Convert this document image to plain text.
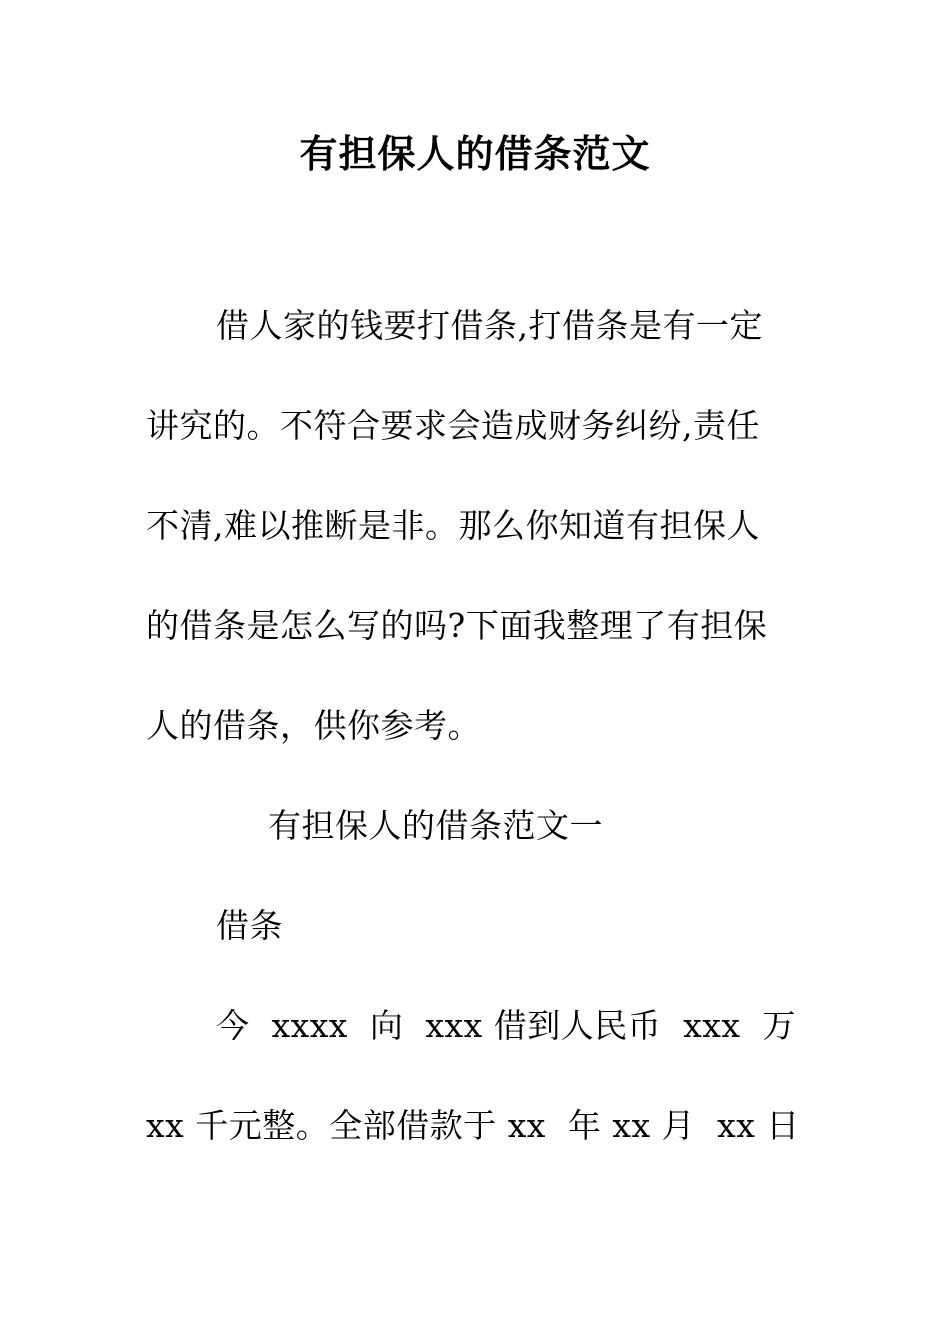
有担保人的借条范文
借人家的钱要打借条,打借条是有一定
讲究的。不符合要求会造成财务纠纷,责任
不清,难以推断是非。那么你知道有担保人
的借条是怎么写的吗?下面我整理了有担保
人的借条，供你参考。
有担保人的借条范文一
借条
今  xxxx  向  xxx 借到人民币  xxx  万
xx 千元整。全部借款于 xx  年 xx 月  xx 日
